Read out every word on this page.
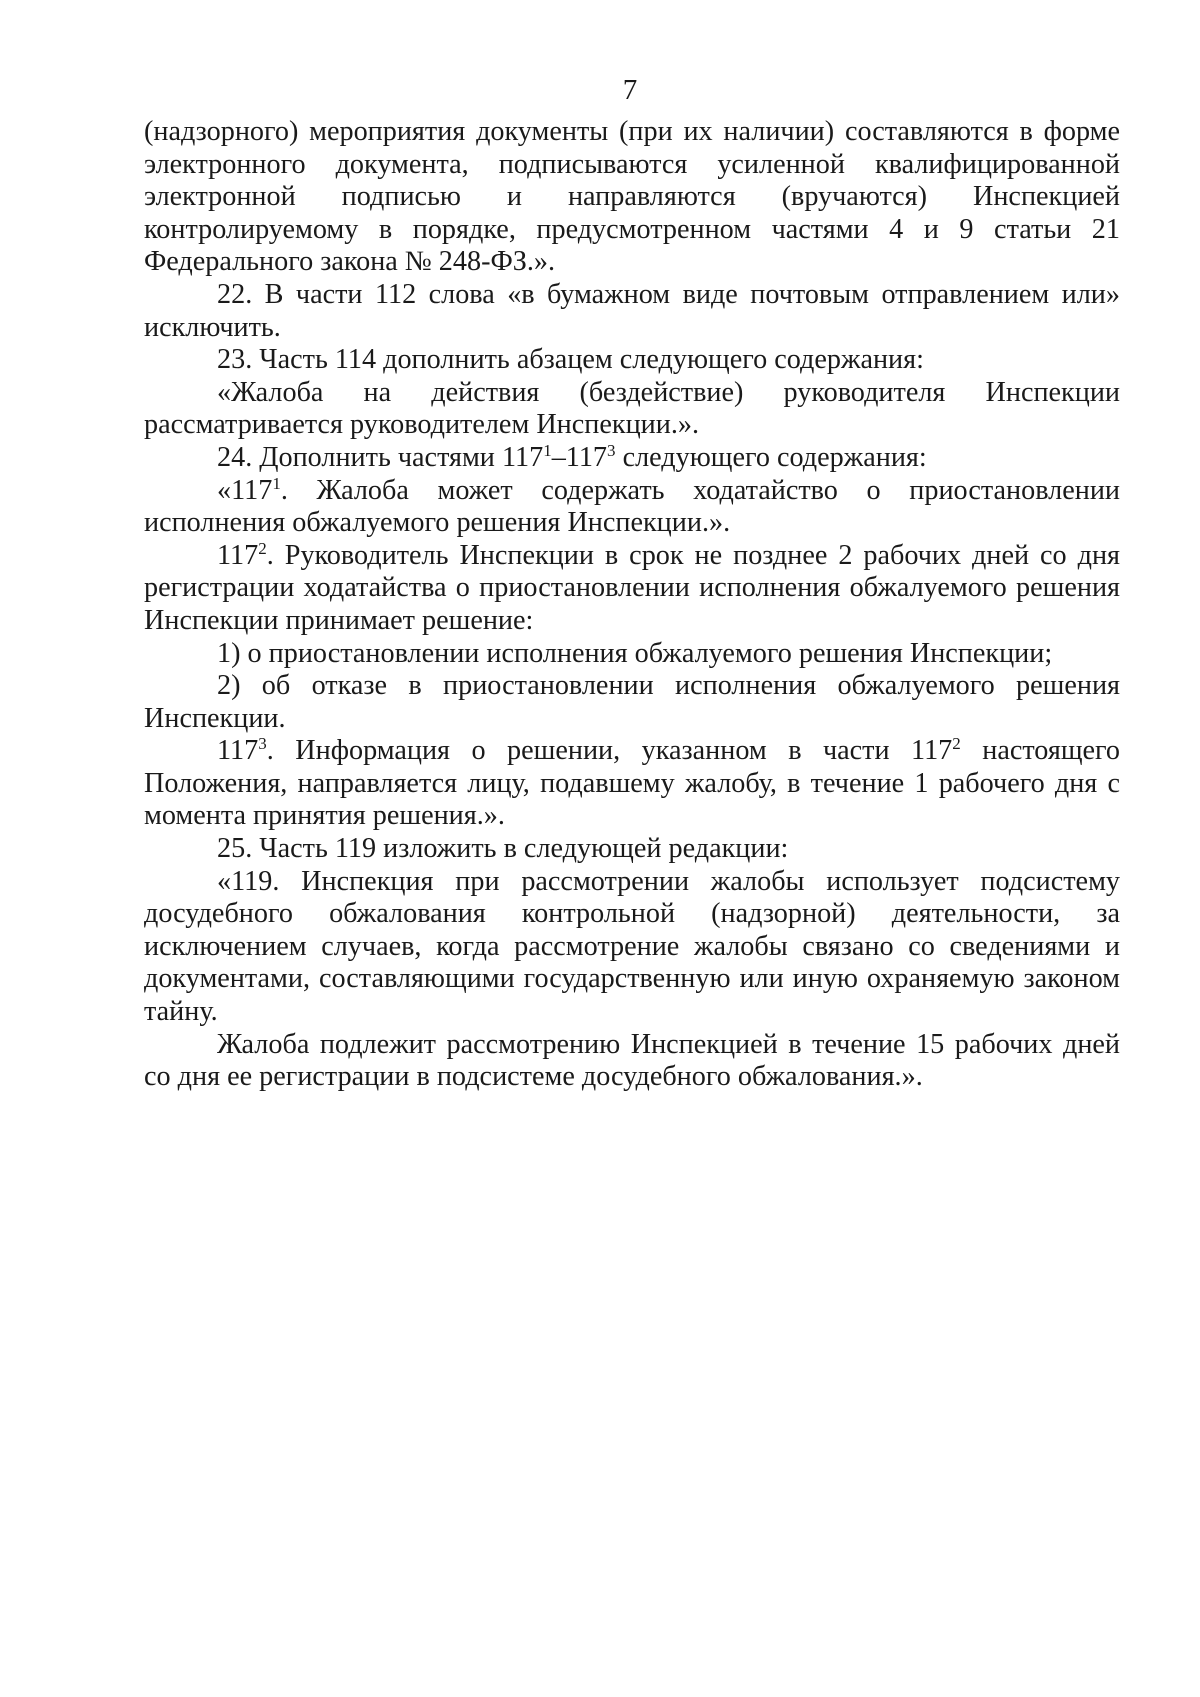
7

(надзорного) мероприятия документы (при их наличии) составляются в форме электронного документа, подписываются усиленной квалифицированной электронной подписью и направляются (вручаются) Инспекцией контролируемому в порядке, предусмотренном частями 4 и 9 статьи 21 Федерального закона № 248-ФЗ.».

22. В части 112 слова «в бумажном виде почтовым отправлением или» исключить.

23. Часть 114 дополнить абзацем следующего содержания:

«Жалоба на действия (бездействие) руководителя Инспекции рассматривается руководителем Инспекции.».

24. Дополнить частями $117^1-117^3$ следующего содержания:

«$117^1$. Жалоба может содержать ходатайство о приостановлении исполнения обжалуемого решения Инспекции.».

$117^2$. Руководитель Инспекции в срок не позднее 2 рабочих дней со дня регистрации ходатайства о приостановлении исполнения обжалуемого решения Инспекции принимает решение:

1) о приостановлении исполнения обжалуемого решения Инспекции;

2) об отказе в приостановлении исполнения обжалуемого решения Инспекции.

$117^3$. Информация о решении, указанном в части $117^2$ настоящего Положения, направляется лицу, подавшему жалобу, в течение 1 рабочего дня с момента принятия решения.».

25. Часть 119 изложить в следующей редакции:

«119. Инспекция при рассмотрении жалобы использует подсистему досудебного обжалования контрольной (надзорной) деятельности, за исключением случаев, когда рассмотрение жалобы связано со сведениями и документами, составляющими государственную или иную охраняемую законом тайну.

Жалоба подлежит рассмотрению Инспекцией в течение 15 рабочих дней со дня ее регистрации в подсистеме досудебного обжалования.».
